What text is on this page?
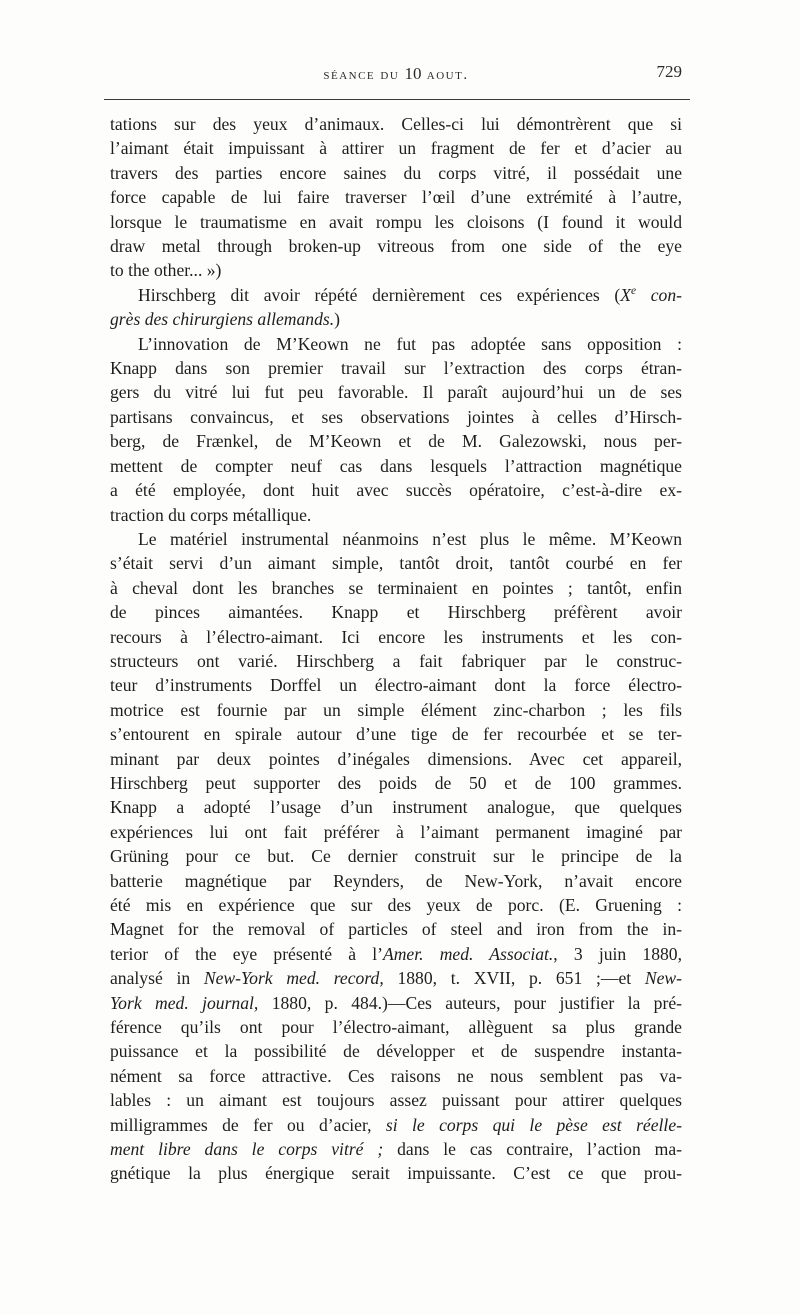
séance du 10 aout.	729

tations sur des yeux d’animaux. Celles-ci lui démontrèrent que si
l’aimant était impuissant à attirer un fragment de fer et d’acier au
travers des parties encore saines du corps vitré, il possédait une
force capable de lui faire traverser l’œil d’une extrémité à l’autre,
lorsque le traumatisme en avait rompu les cloisons (I found it would
draw metal through broken-up vitreous from one side of the eye
to the other... »)

Hirschberg dit avoir répété dernièrement ces expériences (Xe con-
grès des chirurgiens allemands.)

L’innovation de M’Keown ne fut pas adoptée sans opposition :
Knapp dans son premier travail sur l’extraction des corps étran-
gers du vitré lui fut peu favorable. Il paraît aujourd’hui un de ses
partisans convaincus, et ses observations jointes à celles d’Hirsch-
berg, de Frænkel, de M’Keown et de M. Galezowski, nous per-
mettent de compter neuf cas dans lesquels l’attraction magnétique
a été employée, dont huit avec succès opératoire, c’est-à-dire ex-
traction du corps métallique.

Le matériel instrumental néanmoins n’est plus le même. M’Keown
s’était servi d’un aimant simple, tantôt droit, tantôt courbé en fer
à cheval dont les branches se terminaient en pointes ; tantôt, enfin
de pinces aimantées. Knapp et Hirschberg préfèrent avoir
recours à l’électro-aimant. Ici encore les instruments et les con-
structeurs ont varié. Hirschberg a fait fabriquer par le construc-
teur d’instruments Dorffel un électro-aimant dont la force électro-
motrice est fournie par un simple élément zinc-charbon ; les fils
s’entourent en spirale autour d’une tige de fer recourbée et se ter-
minant par deux pointes d’inégales dimensions. Avec cet appareil,
Hirschberg peut supporter des poids de 50 et de 100 grammes.
Knapp a adopté l’usage d’un instrument analogue, que quelques
expériences lui ont fait préférer à l’aimant permanent imaginé par
Grüning pour ce but. Ce dernier construit sur le principe de la
batterie magnétique par Reynders, de New-York, n’avait encore
été mis en expérience que sur des yeux de porc. (E. Gruening :
Magnet for the removal of particles of steel and iron from the in-
terior of the eye présenté à l’Amer. med. Associat., 3 juin 1880,
analysé in New-York med. record, 1880, t. XVII, p. 651 ;—et New-
York med. journal, 1880, p. 484.)—Ces auteurs, pour justifier la pré-
férence qu’ils ont pour l’électro-aimant, allèguent sa plus grande
puissance et la possibilité de développer et de suspendre instanta-
nément sa force attractive. Ces raisons ne nous semblent pas va-
lables : un aimant est toujours assez puissant pour attirer quelques
milligrammes de fer ou d’acier, si le corps qui le pèse est réelle-
ment libre dans le corps vitré ; dans le cas contraire, l’action ma-
gnétique la plus énergique serait impuissante. C’est ce que prou-
